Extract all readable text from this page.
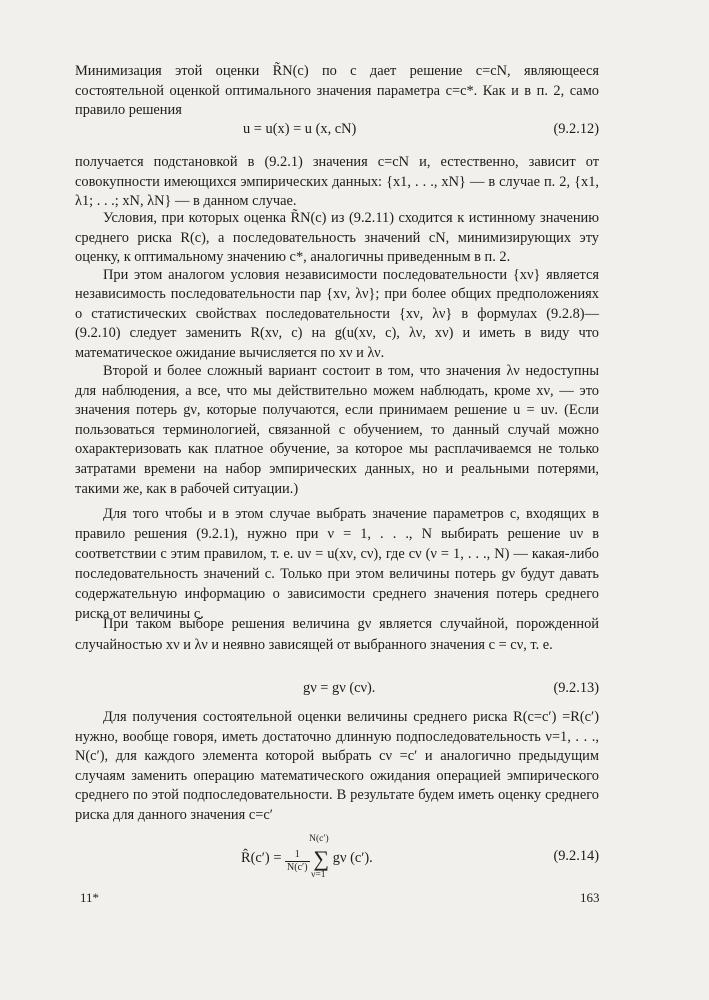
Минимизация этой оценки R̃N(c) по c дает решение c=cN, являющееся состоятельной оценкой оптимального значения параметра c=c*. Как и в п. 2, само правило решения
u = u(x) = u (x, cN)	(9.2.12)
получается подстановкой в (9.2.1) значения c=cN и, естественно, зависит от совокупности имеющихся эмпирических данных: {x1, . . ., xN} — в случае п. 2, {x1, λ1; . . .; xN, λN} — в данном случае.
Условия, при которых оценка R̃N(c) из (9.2.11) сходится к истинному значению среднего риска R(c), а последовательность значений cN, минимизирующих эту оценку, к оптимальному значению c*, аналогичны приведенным в п. 2.
При этом аналогом условия независимости последовательности {xν} является независимость последовательности пар {xν, λν}; при более общих предположениях о статистических свойствах последовательности {xν, λν} в формулах (9.2.8)—(9.2.10) следует заменить R(xν, c) на g(u(xν, c), λν, xν) и иметь в виду что математическое ожидание вычисляется по xν и λν.
Второй и более сложный вариант состоит в том, что значения λν недоступны для наблюдения, а все, что мы действительно можем наблюдать, кроме xν, — это значения потерь gν, которые получаются, если принимаем решение u = uν. (Если пользоваться терминологией, связанной с обучением, то данный случай можно охарактеризовать как платное обучение, за которое мы расплачиваемся не только затратами времени на набор эмпирических данных, но и реальными потерями, такими же, как в рабочей ситуации.)
Для того чтобы и в этом случае выбрать значение параметров c, входящих в правило решения (9.2.1), нужно при ν = 1, . . ., N выбирать решение uν в соответствии с этим правилом, т. е. uν = u(xν, cν), где cν (ν = 1, . . ., N) — какая-либо последовательность значений c. Только при этом величины потерь gν будут давать содержательную информацию о зависимости среднего значения потерь среднего риска от величины c.
При таком выборе решения величина gν является случайной, порожденной случайностью xν и λν и неявно зависящей от выбранного значения c = cν, т. е.
gν = gν (cν).	(9.2.13)
Для получения состоятельной оценки величины среднего риска R(c=c′) =R(c′) нужно, вообще говоря, иметь достаточно длинную подпоследовательность ν=1, . . ., N(c′), для каждого элемента которой выбрать cν =c′ и аналогично предыдущим случаям заменить операцию математического ожидания операцией эмпирического среднего по этой подпоследовательности. В результате будем иметь оценку среднего риска для данного значения c=c′
R̂(c′) = $\frac{1}{N(c')}$

N(c′)
∑
ν=1
gν (c′).	(9.2.14)
11*	163
